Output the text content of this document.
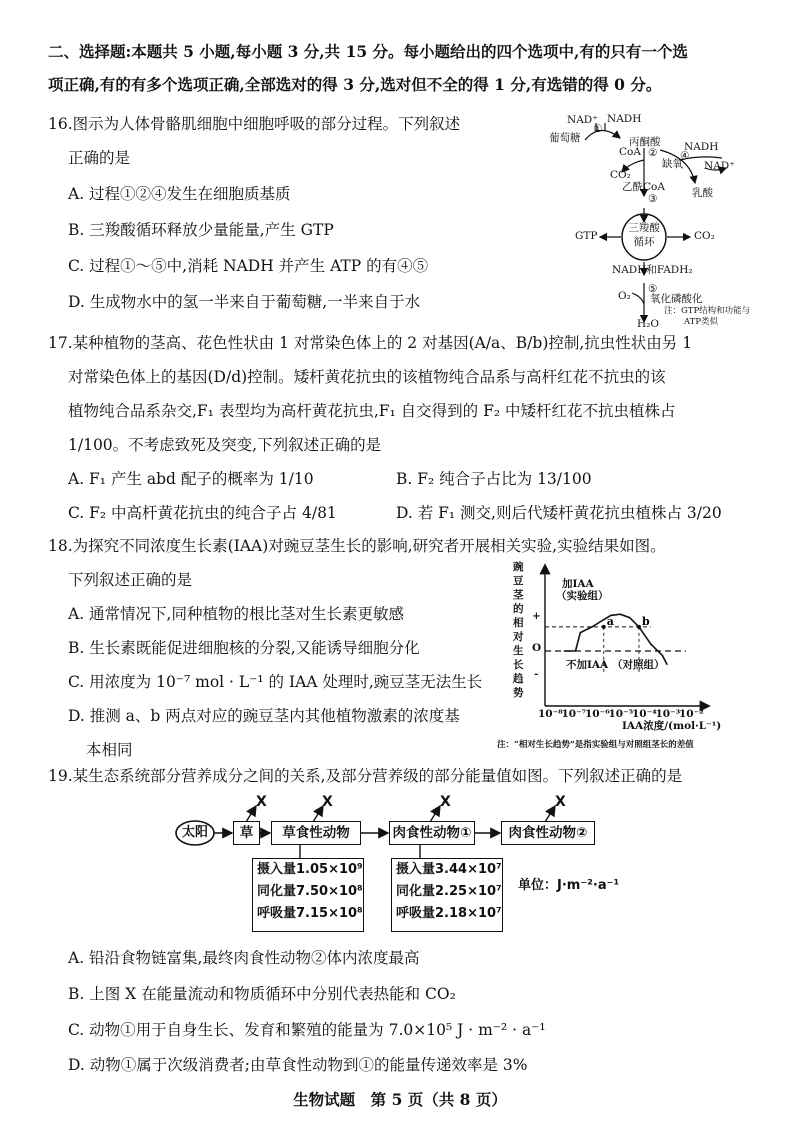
二、选择题:本题共 5 小题,每小题 3 分,共 15 分。每小题给出的四个选项中,有的只有一个选
项正确,有的有多个选项正确,全部选对的得 3 分,选对但不全的得 1 分,有选错的得 0 分。
16.图示为人体骨骼肌细胞中细胞呼吸的部分过程。下列叙述
正确的是
A. 过程①②④发生在细胞质基质
B. 三羧酸循环释放少量能量,产生 GTP
C. 过程①～⑤中,消耗 NADH 并产生 ATP 的有④⑤
D. 生成物水中的氢一半来自于葡萄糖,一半来自于水
NAD⁺ NADH
葡萄糖
①
丙酮酸
CoA ②
CO₂
NADH
缺氧
④
NAD⁺
乙酰CoA
③	乳酸
三羧酸
循环
GTP	CO₂
NADH和FADH₂
⑤
O₂ 氧化磷酸化
H₂O
注：GTP结构和功能与
ATP类似
17.某种植物的茎高、花色性状由 1 对常染色体上的 2 对基因(A/a、B/b)控制,抗虫性状由另 1
对常染色体上的基因(D/d)控制。矮杆黄花抗虫的该植物纯合品系与高杆红花不抗虫的该
植物纯合品系杂交,F₁ 表型均为高杆黄花抗虫,F₁ 自交得到的 F₂ 中矮杆红花不抗虫植株占
1/100。不考虑致死及突变,下列叙述正确的是
A. F₁ 产生 abd 配子的概率为 1/10	B. F₂ 纯合子占比为 13/100
C. F₂ 中高杆黄花抗虫的纯合子占 4/81	D. 若 F₁ 测交,则后代矮杆黄花抗虫植株占 3/20
18.为探究不同浓度生长素(IAA)对豌豆茎生长的影响,研究者开展相关实验,实验结果如图。
下列叙述正确的是
A. 通常情况下,同种植物的根比茎对生长素更敏感
B. 生长素既能促进细胞核的分裂,又能诱导细胞分化
C. 用浓度为 10⁻⁷ mol · L⁻¹ 的 IAA 处理时,豌豆茎无法生长
D. 推测 a、b 两点对应的豌豆茎内其他植物激素的浓度基
本相同
豌豆茎的相对生长趋势
a	b
+
O
-
10⁻⁸
10⁻⁷
10⁻⁶
10⁻⁵
10⁻⁴
10⁻³
10⁻²
IAA浓度/(mol·L⁻¹)
加IAA
（实验组）
不加IAA （对照组）
注：“相对生长趋势”是指实验组与对照组茎长的差值
19.某生态系统部分营养成分之间的关系,及部分营养级的部分能量值如图。下列叙述正确的是
太阳	草	草食性动物	肉食性动物①	肉食性动物②
X	X	X	X
摄入量1.05×10⁹
同化量7.50×10⁸
呼吸量7.15×10⁸
摄入量3.44×10⁷
同化量2.25×10⁷
呼吸量2.18×10⁷
单位：J·m⁻²·a⁻¹
A. 铅沿食物链富集,最终肉食性动物②体内浓度最高
B. 上图 X 在能量流动和物质循环中分别代表热能和 CO₂
C. 动物①用于自身生长、发育和繁殖的能量为 7.0×10⁵ J · m⁻² · a⁻¹
D. 动物①属于次级消费者;由草食性动物到①的能量传递效率是 3%
生物试题　第 5 页（共 8 页）
